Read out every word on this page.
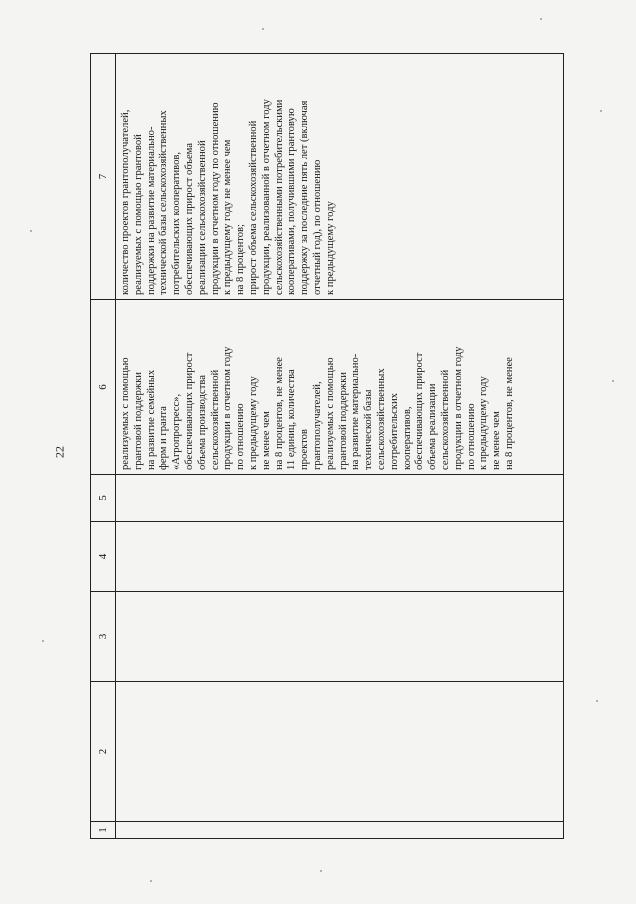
22
1
2
3
4
5
6
7
реализуемых с помощью грантовой поддержки на развитие семейных ферм и гранта «Агропрогресс», обеспечивающих прирост объема производства сельскохозяйственной продукции в отчетном году по отношению к предыдущему году не менее чем на 8 процентов, не менее 11 единиц, количества проектов грантополучателей, реализуемых с помощью грантовой поддержки на развитие материально- технической базы сельскохозяйственных потребительских кооперативов, обеспечивающих прирост объема реализации сельскохозяйственной продукции в отчетном году по отношению к предыдущему году не менее чем на 8 процентов, не менее
количество проектов грантополучателей, реализуемых с помощью грантовой поддержки на развитие материально- технической базы сельскохозяйственных потребительских кооперативов, обеспечивающих прирост объема реализации сельскохозяйственной продукции в отчетном году по отношению к предыдущему году не менее чем на 8 процентов; прирост объема сельскохозяйственной продукции, реализованной в отчетном году сельскохозяйственными потребительскими кооперативами, получившими грантовую поддержку за последние пять лет (включая отчетный год), по отношению к предыдущему году
